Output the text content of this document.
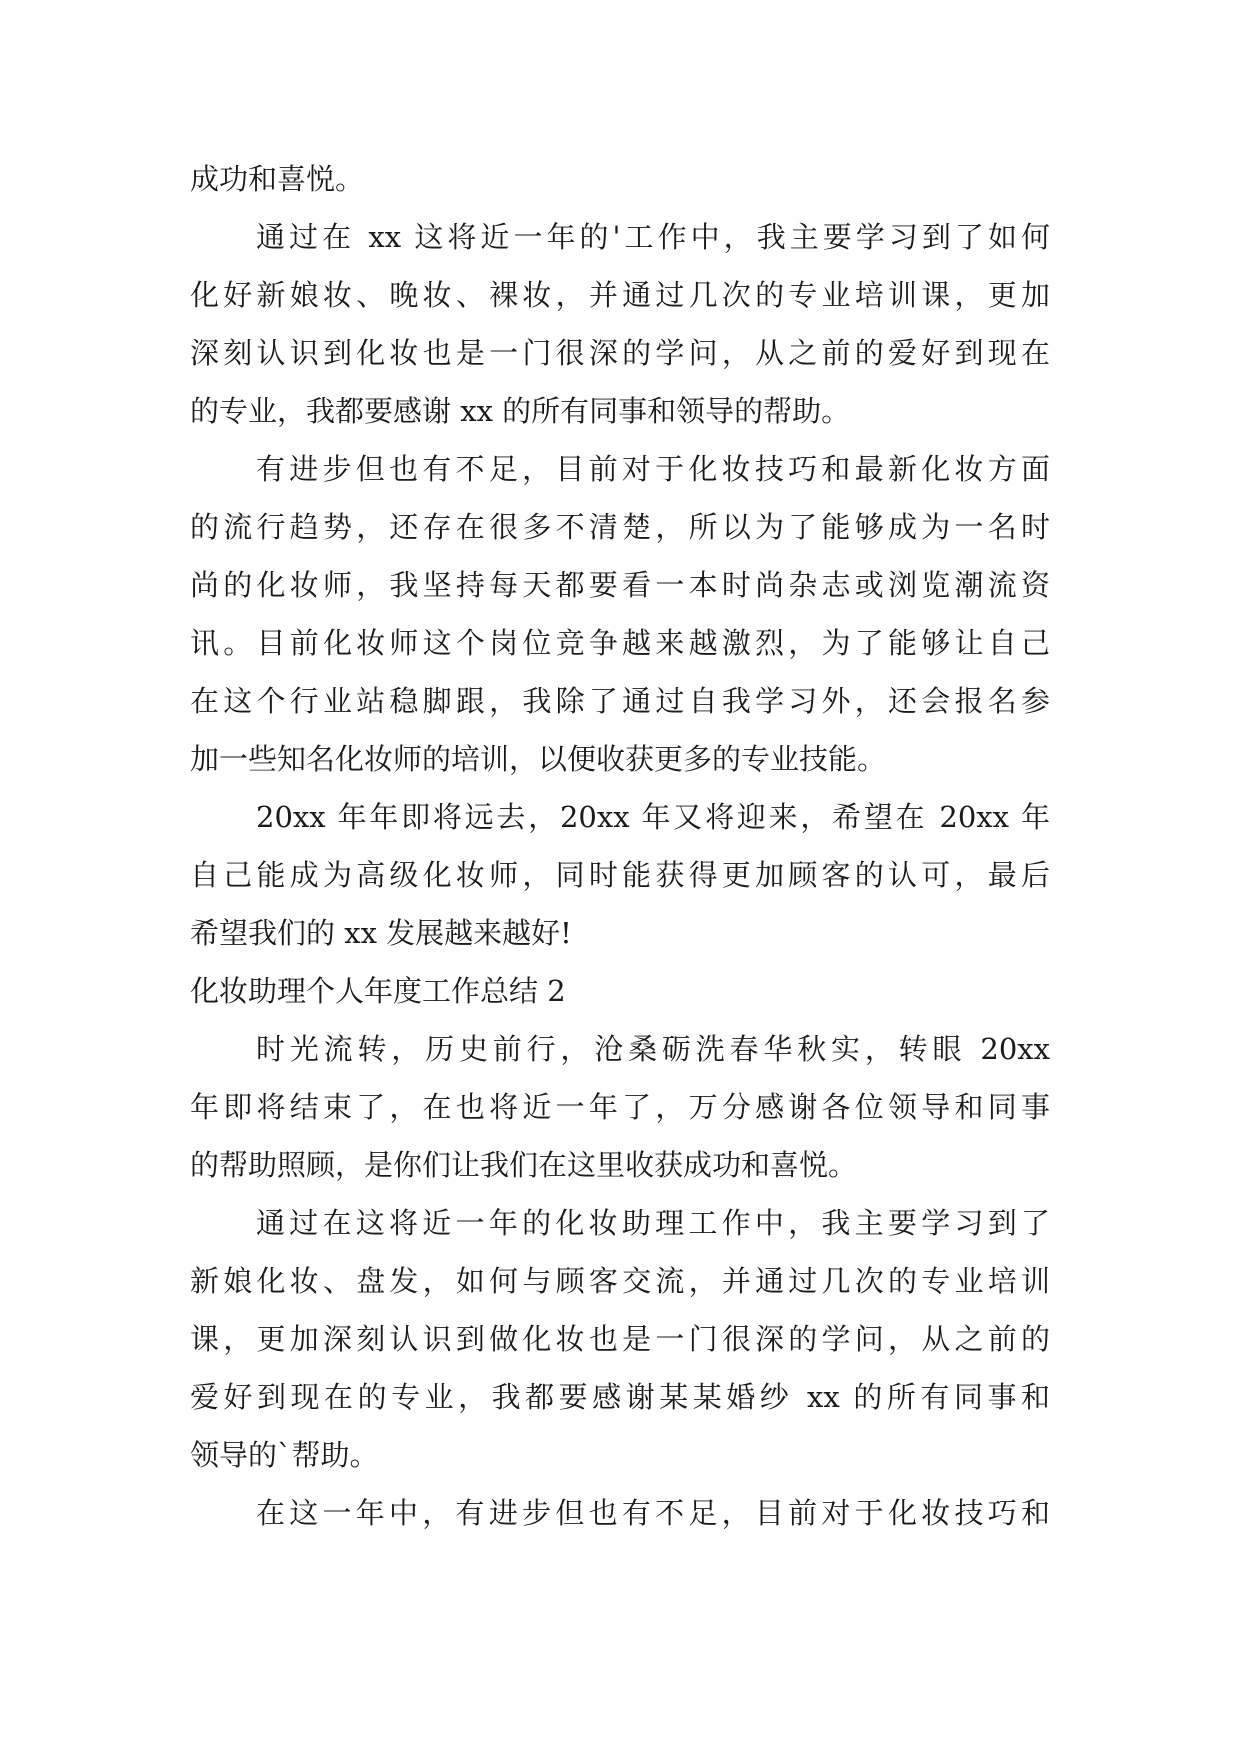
成功和喜悦。
通过在 xx 这将近一年的'工作中，我主要学习到了如何
化好新娘妆、晚妆、裸妆，并通过几次的专业培训课，更加
深刻认识到化妆也是一门很深的学问，从之前的爱好到现在
的专业，我都要感谢 xx 的所有同事和领导的帮助。
有进步但也有不足，目前对于化妆技巧和最新化妆方面
的流行趋势，还存在很多不清楚，所以为了能够成为一名时
尚的化妆师，我坚持每天都要看一本时尚杂志或浏览潮流资
讯。目前化妆师这个岗位竞争越来越激烈，为了能够让自己
在这个行业站稳脚跟，我除了通过自我学习外，还会报名参
加一些知名化妆师的培训，以便收获更多的专业技能。
20xx 年年即将远去，20xx 年又将迎来，希望在 20xx 年
自己能成为高级化妆师，同时能获得更加顾客的认可，最后
希望我们的 xx 发展越来越好!
化妆助理个人年度工作总结 2
时光流转，历史前行，沧桑砺洗春华秋实，转眼 20xx
年即将结束了，在也将近一年了，万分感谢各位领导和同事
的帮助照顾，是你们让我们在这里收获成功和喜悦。
通过在这将近一年的化妆助理工作中，我主要学习到了
新娘化妆、盘发，如何与顾客交流，并通过几次的专业培训
课，更加深刻认识到做化妆也是一门很深的学问，从之前的
爱好到现在的专业，我都要感谢某某婚纱 xx 的所有同事和
领导的`帮助。
在这一年中，有进步但也有不足，目前对于化妆技巧和
